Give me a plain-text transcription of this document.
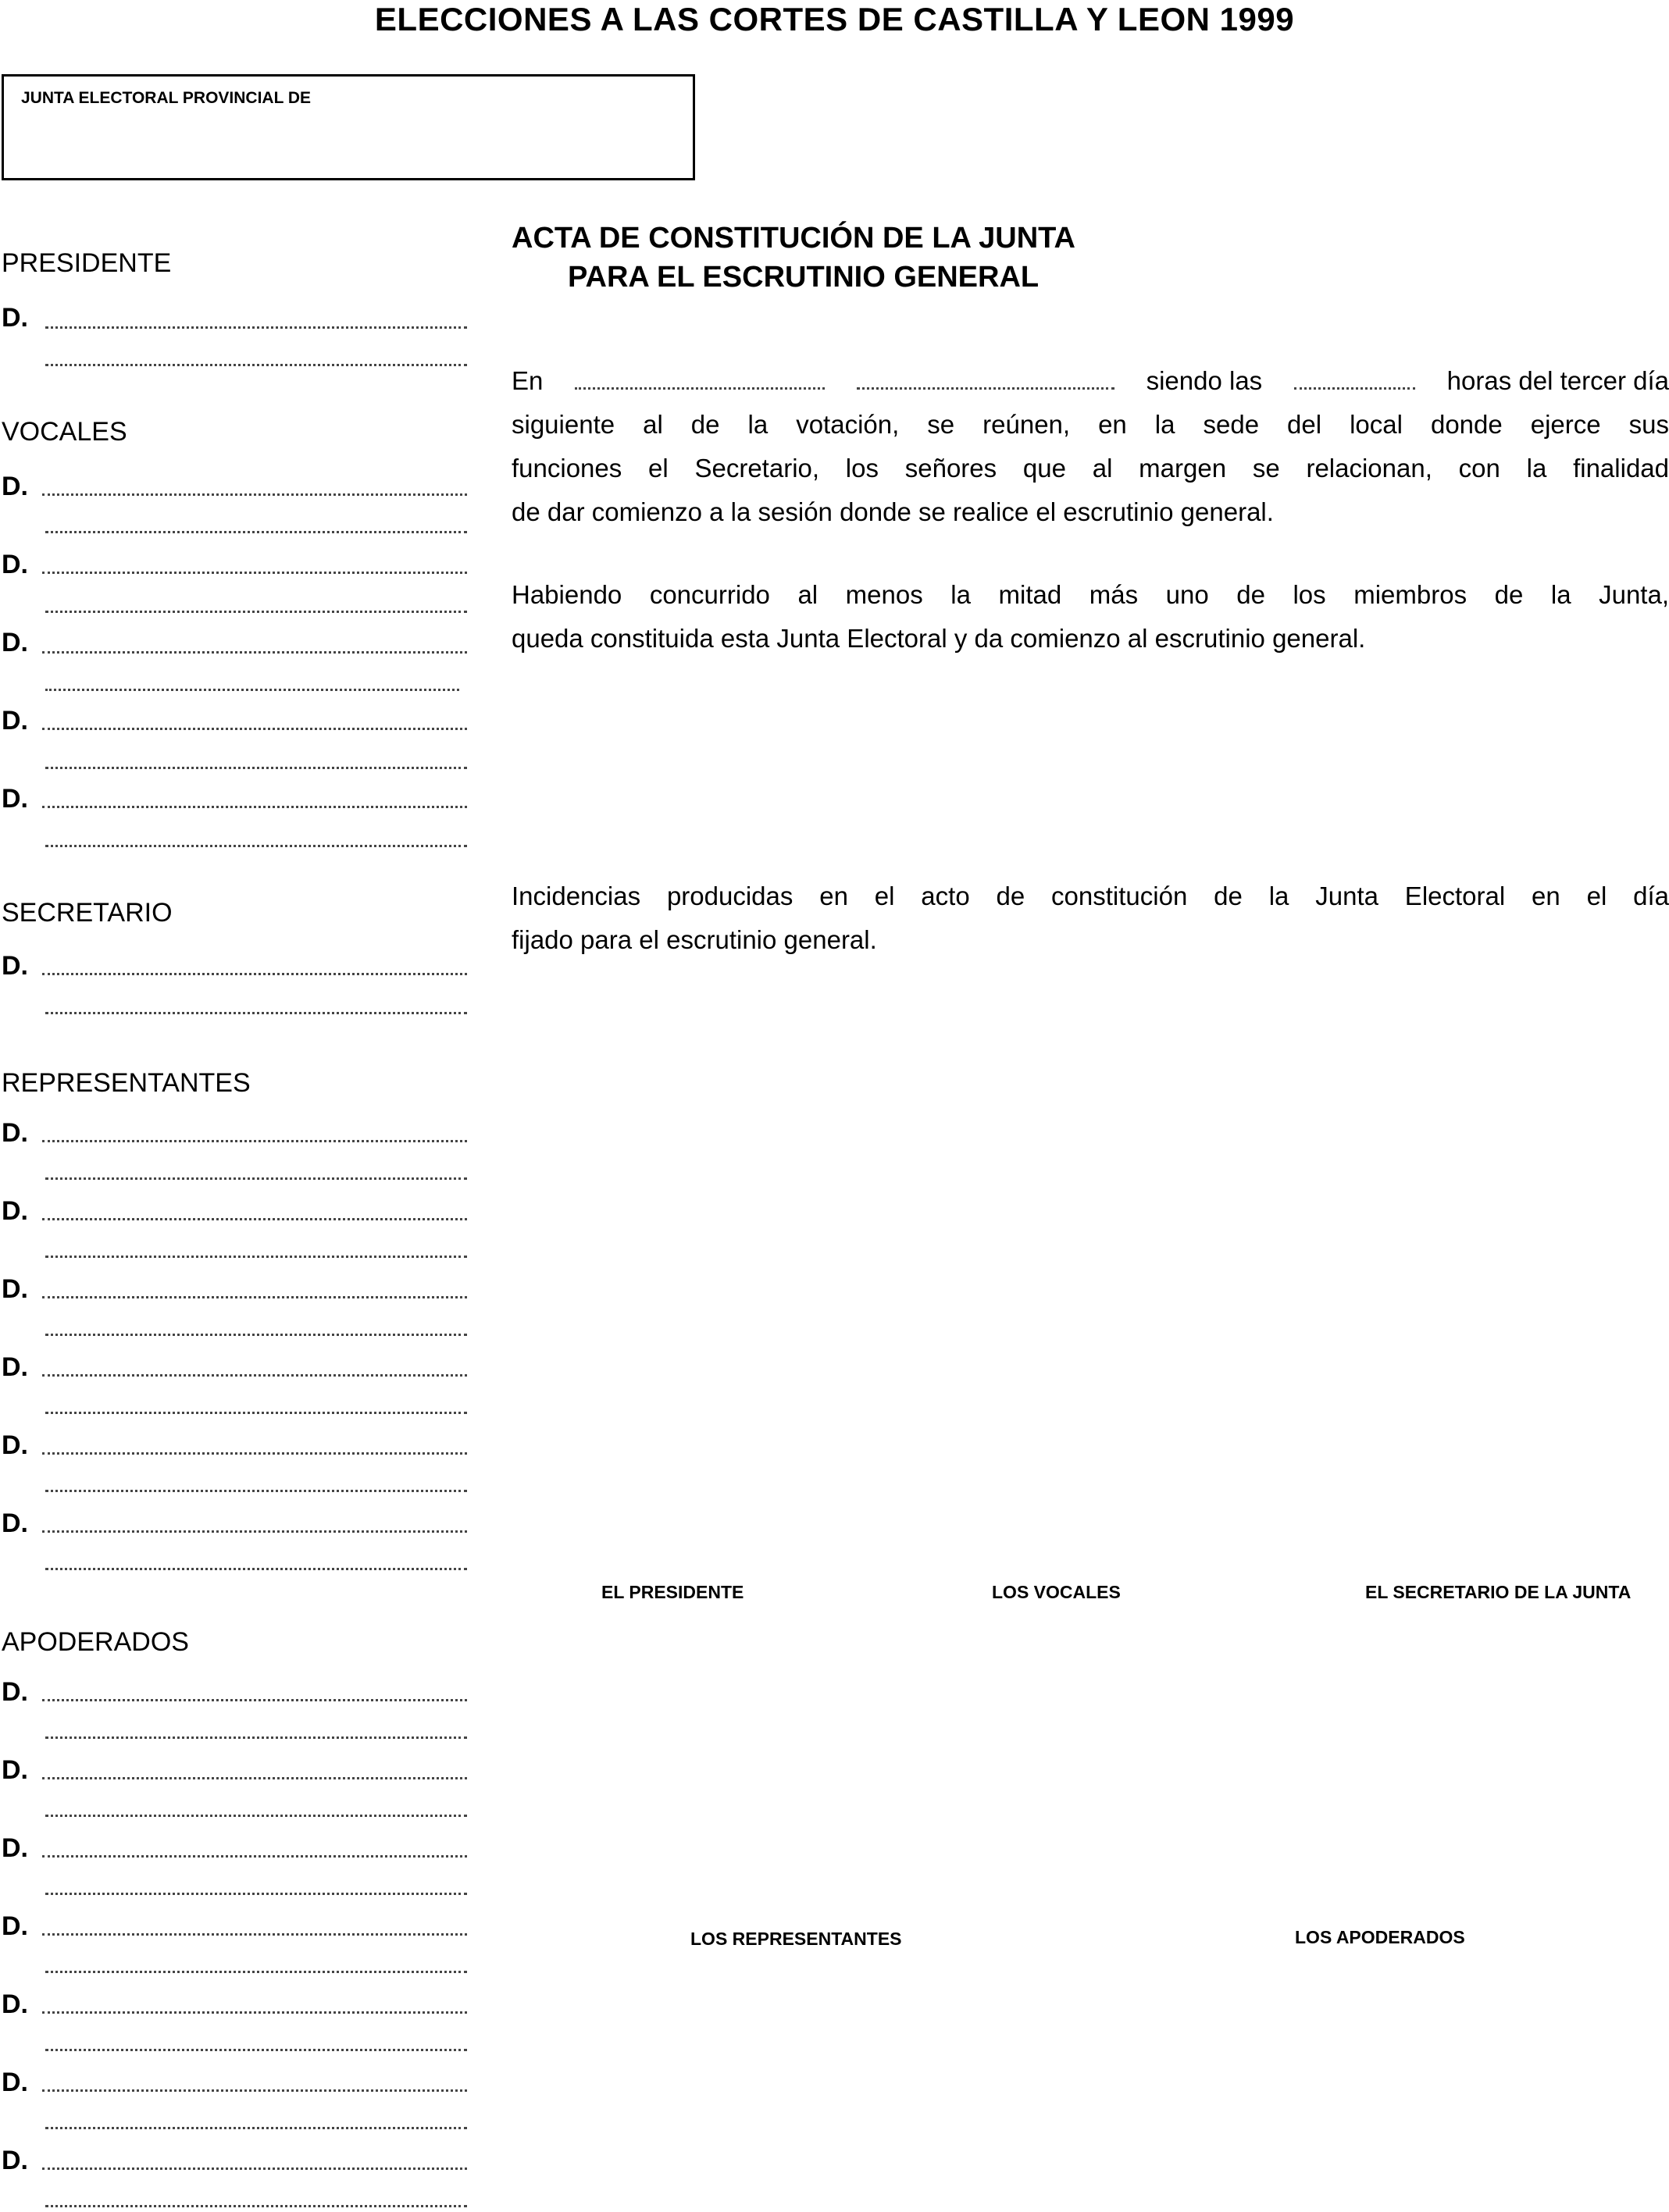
ELECCIONES A LAS CORTES DE CASTILLA Y LEON 1999
JUNTA ELECTORAL PROVINCIAL DE
PRESIDENTE
D.
VOCALES
D.
D.
D.
D.
D.
SECRETARIO
D.
REPRESENTANTES
D.
D.
D.
D.
D.
D.
APODERADOS
D.
D.
D.
D.
D.
D.
D.
ACTA DE CONSTITUCIÓN DE LA JUNTA
PARA EL ESCRUTINIO GENERAL
En	siendo las	horas del tercer día
siguiente al de la votación, se reúnen, en la sede del local donde ejerce sus
funciones el Secretario, los señores que al margen se relacionan, con la finalidad
de dar comienzo a la sesión donde se realice el escrutinio general.
Habiendo concurrido al menos la mitad más uno de los miembros de la Junta,
queda constituida esta Junta Electoral y da comienzo al escrutinio general.
Incidencias producidas en el acto de constitución de la Junta Electoral en el día
fijado para el escrutinio general.
EL PRESIDENTE	LOS VOCALES	EL SECRETARIO DE LA JUNTA
LOS REPRESENTANTES	LOS APODERADOS
